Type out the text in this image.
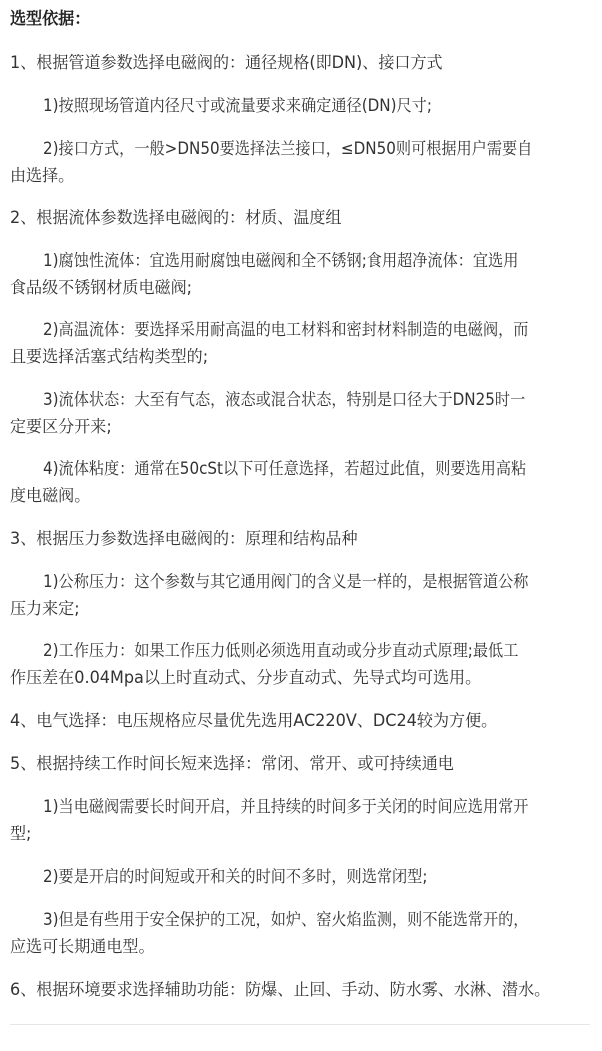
选型依据：
1、根据管道参数选择电磁阀的：通径规格(即DN)、接口方式
1)按照现场管道内径尺寸或流量要求来确定通径(DN)尺寸;
2)接口方式，一般>DN50要选择法兰接口，≤DN50则可根据用户需要自
由选择。
2、根据流体参数选择电磁阀的：材质、温度组
1)腐蚀性流体：宜选用耐腐蚀电磁阀和全不锈钢;食用超净流体：宜选用
食品级不锈钢材质电磁阀;
2)高温流体：要选择采用耐高温的电工材料和密封材料制造的电磁阀，而
且要选择活塞式结构类型的;
3)流体状态：大至有气态，液态或混合状态，特别是口径大于DN25时一
定要区分开来;
4)流体粘度：通常在50cSt以下可任意选择，若超过此值，则要选用高粘
度电磁阀。
3、根据压力参数选择电磁阀的：原理和结构品种
1)公称压力：这个参数与其它通用阀门的含义是一样的，是根据管道公称
压力来定;
2)工作压力：如果工作压力低则必须选用直动或分步直动式原理;最低工
作压差在0.04Mpa以上时直动式、分步直动式、先导式均可选用。
4、电气选择：电压规格应尽量优先选用AC220V、DC24较为方便。
5、根据持续工作时间长短来选择：常闭、常开、或可持续通电
1)当电磁阀需要长时间开启，并且持续的时间多于关闭的时间应选用常开
型;
2)要是开启的时间短或开和关的时间不多时，则选常闭型;
3)但是有些用于安全保护的工况，如炉、窑火焰监测，则不能选常开的，
应选可长期通电型。
6、根据环境要求选择辅助功能：防爆、止回、手动、防水雾、水淋、潜水。
